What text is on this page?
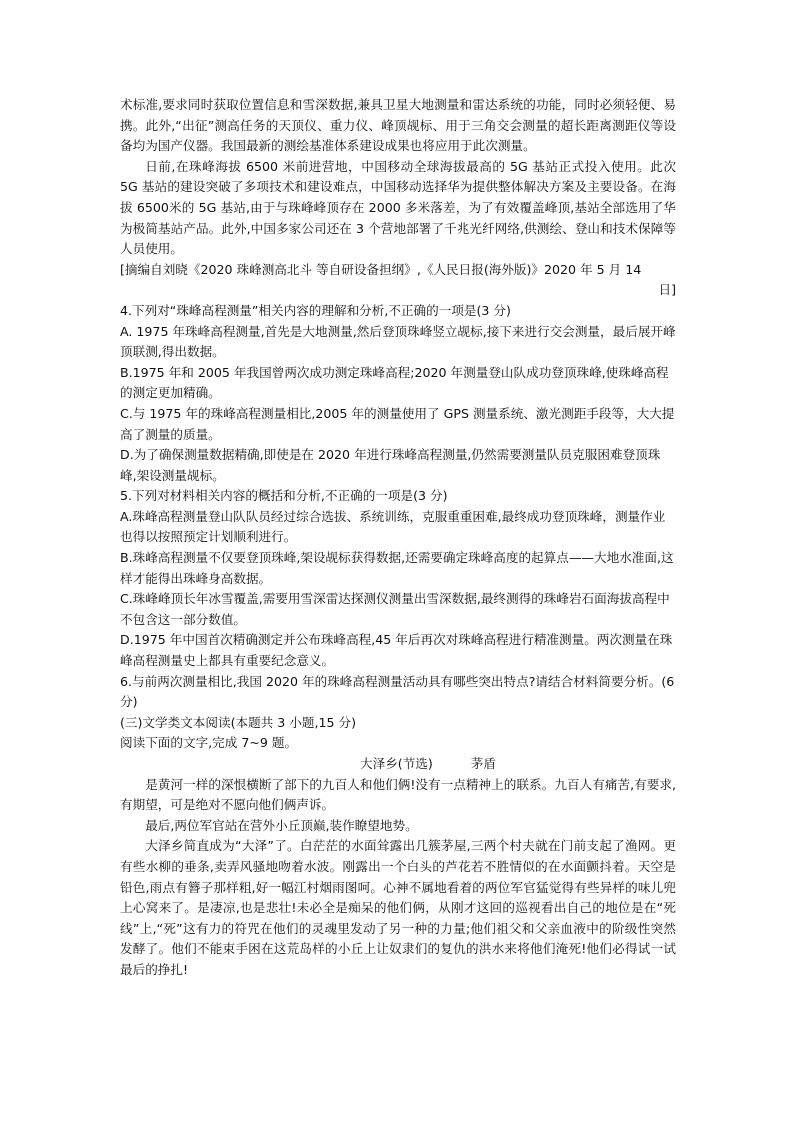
术标准,要求同时获取位置信息和雪深数据,兼具卫星大地测量和雷达系统的功能，同时必须轻便、易携。此外,“出征”测高任务的天顶仪、重力仪、峰顶觇标、用于三角交会测量的超长距离测距仪等设备均为国产仪器。我国最新的测绘基准体系建设成果也将应用于此次测量。

日前,在珠峰海拔 6500 米前进营地，中国移动全球海拔最高的 5G 基站正式投入使用。此次 5G 基站的建设突破了多项技术和建设难点，中国移动选择华为提供整体解决方案及主要设备。在海拔 6500米的 5G 基站,由于与珠峰峰顶存在 2000 多米落差，为了有效覆盖峰顶,基站全部选用了华为极简基站产品。此外,中国多家公司还在 3 个营地部署了千兆光纤网络,供测绘、登山和技术保障等人员使用。

[摘编自刘晓《2020 珠峰测高北斗 等自研设备担纲》,《人民日报(海外版)》2020 年 5 月 14

日]

4.下列对“珠峰高程测量”相关内容的理解和分析,不正确的一项是(3 分)

A. 1975 年珠峰高程测量,首先是大地测量,然后登顶珠峰竖立觇标,接下来进行交会测量，最后展开峰顶联测,得出数据。

B.1975 年和 2005 年我国曾两次成功测定珠峰高程;2020 年测量登山队成功登顶珠峰,使珠峰高程的测定更加精确。

C.与 1975 年的珠峰高程测量相比,2005 年的测量使用了 GPS 测量系统、激光测距手段等，大大提高了测量的质量。

D.为了确保测量数据精确,即使是在 2020 年进行珠峰高程测量,仍然需要测量队员克服困难登顶珠峰,架设测量觇标。

5.下列对材料相关内容的概括和分析,不正确的一项是(3 分)

A.珠峰高程测量登山队队员经过综合选拔、系统训练，克服重重困难,最终成功登顶珠峰，测量作业也得以按照预定计划顺利进行。

B.珠峰高程测量不仅要登顶珠峰,架设觇标获得数据,还需要确定珠峰高度的起算点——大地水准面,这样才能得出珠峰身高数据。

C.珠峰峰顶长年冰雪覆盖,需要用雪深雷达探测仪测量出雪深数据,最终测得的珠峰岩石面海拔高程中不包含这一部分数值。

D.1975 年中国首次精确测定并公布珠峰高程,45 年后再次对珠峰高程进行精准测量。两次测量在珠峰高程测量史上都具有重要纪念意义。

6.与前两次测量相比,我国 2020 年的珠峰高程测量活动具有哪些突出特点?请结合材料简要分析。(6 分)

(三)文学类文本阅读(本题共 3 小题,15 分)

阅读下面的文字,完成 7~9 题。

大泽乡(节选)	茅盾

是黄河一样的深恨横断了部下的九百人和他们俩!没有一点精神上的联系。九百人有痛苦,有要求,有期望，可是绝对不愿向他们俩声诉。

最后,两位军官站在营外小丘顶巅,装作瞭望地势。

大泽乡简直成为“大泽”了。白茫茫的水面耸露出几簇茅屋,三两个村夫就在门前支起了渔网。更有些水柳的垂条,卖弄风骚地吻着水波。刚露出一个白头的芦花若不胜情似的在水面颤抖着。天空是铅色,雨点有簪子那样粗,好一幅江村烟雨图呵。心神不属地看着的两位军官猛觉得有些异样的味儿兜上心窝来了。是凄凉,也是悲壮!未必全是痴呆的他们俩，从刚才这回的巡视看出自己的地位是在“死线”上,“死”这有力的符咒在他们的灵魂里发动了另一种的力量;他们祖父和父亲血液中的阶级性突然发酵了。他们不能束手困在这荒岛样的小丘上让奴隶们的复仇的洪水来将他们淹死!他们必得试一试最后的挣扎!
